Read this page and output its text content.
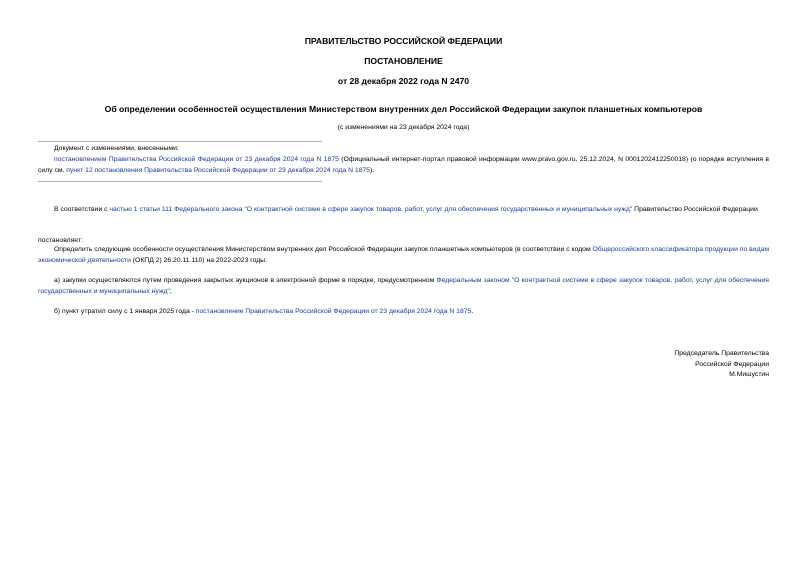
ПРАВИТЕЛЬСТВО РОССИЙСКОЙ ФЕДЕРАЦИИ
ПОСТАНОВЛЕНИЕ
от 28 декабря 2022 года N 2470
Об определении особенностей осуществления Министерством внутренних дел Российской Федерации закупок планшетных компьютеров
(с изменениями на 23 декабря 2024 года)
Документ с изменениями, внесенными:
постановлением Правительства Российской Федерации от 23 декабря 2024 года N 1875 (Официальный интернет-портал правовой информации www.pravo.gov.ru, 25.12.2024, N 0001202412250018) (о порядке вступления в силу см. пункт 12 постановления Правительства Российской Федерации от 23 декабря 2024 года N 1875).
В соответствии с частью 1 статьи 111 Федерального закона "О контрактной системе в сфере закупок товаров, работ, услуг для обеспечения государственных и муниципальных нужд" Правительство Российской Федерации
постановляет:
Определить следующие особенности осуществления Министерством внутренних дел Российской Федерации закупок планшетных компьютеров (в соответствии с кодом Общероссийского классификатора продукции по видам экономической деятельности (ОКПД 2) 26.20.11.110) на 2022-2023 годы:
а) закупки осуществляются путем проведения закрытых аукционов в электронной форме в порядке, предусмотренном Федеральным законом "О контрактной системе в сфере закупок товаров, работ, услуг для обеспечения государственных и муниципальных нужд";
б) пункт утратил силу с 1 января 2025 года - постановление Правительства Российской Федерации от 23 декабря 2024 года N 1875.
Председатель Правительства
Российской Федерации
М.Мишустин
